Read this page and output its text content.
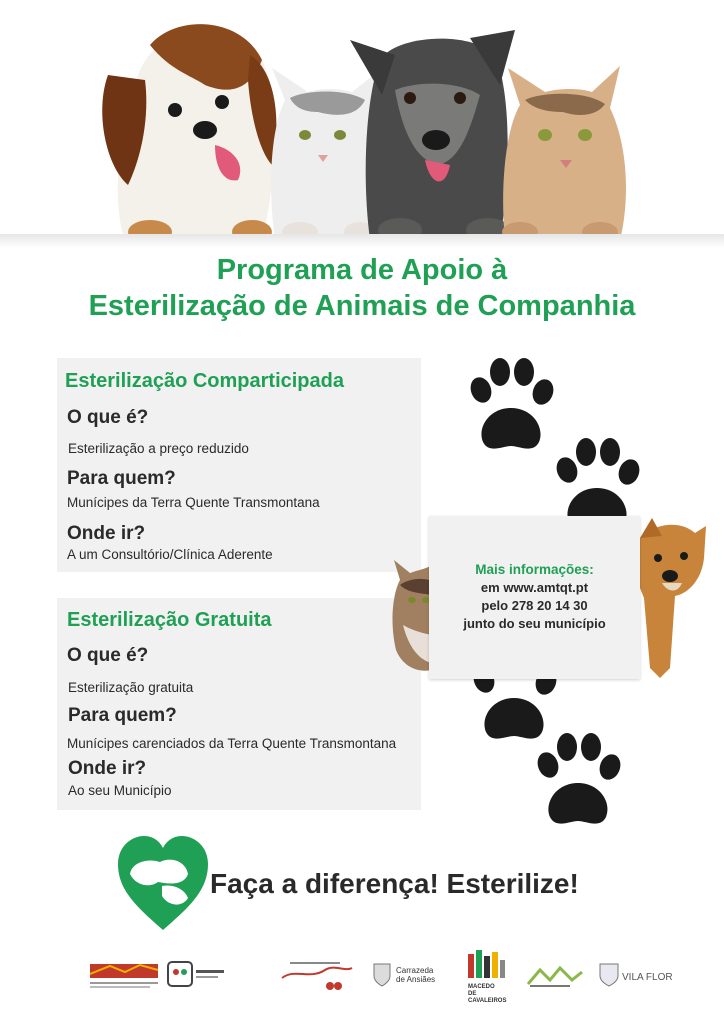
Programa de Apoio à
Esterilização de Animais de Companhia
Esterilização Comparticipada

O que é?

Esterilização a preço reduzido

Para quem?

Munícipes da Terra Quente Transmontana

Onde ir?

A um Consultório/Clínica Aderente

Esterilização Gratuita

O que é?

Esterilização gratuita

Para quem?

Munícipes carenciados da Terra Quente Transmontana

Onde ir?

Ao seu Município

Mais informações:
em www.amtqt.pt
pelo 278 20 14 30
junto do seu município
Faça a diferença! Esterilize!
Carrazeda
de Ansiães
MACEDO
DE CAVALEIROS
VILA FLOR
